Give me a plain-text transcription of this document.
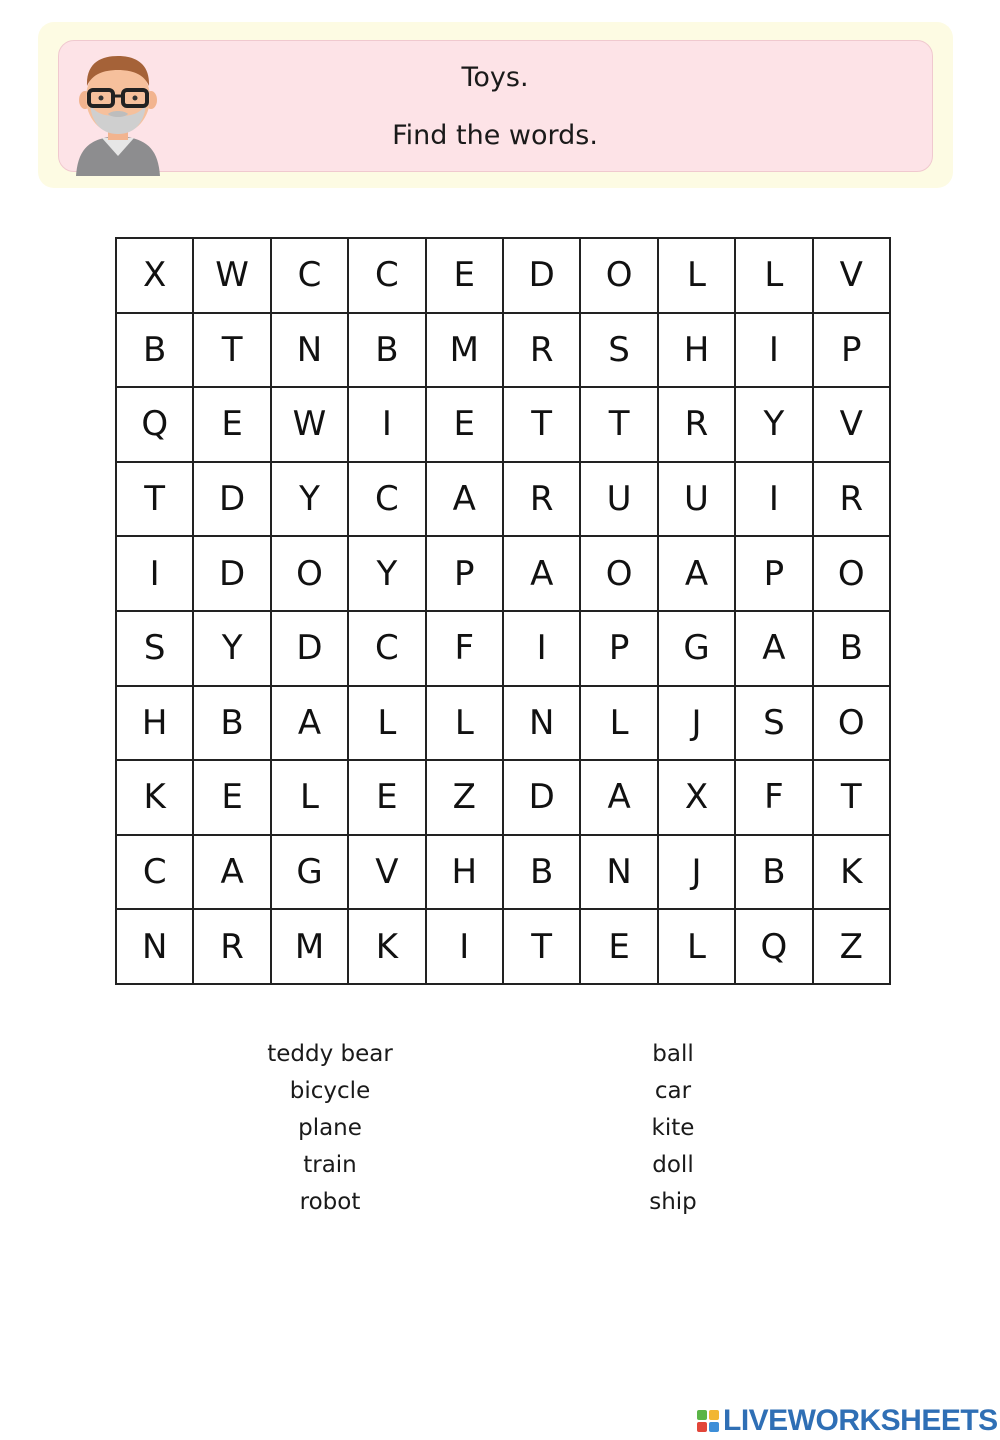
Toys.
Find the words.
X	W	C	C	E	D	O	L	L	V
B	T	N	B	M	R	S	H	I	P
Q	E	W	I	E	T	T	R	Y	V
T	D	Y	C	A	R	U	U	I	R
I	D	O	Y	P	A	O	A	P	O
S	Y	D	C	F	I	P	G	A	B
H	B	A	L	L	N	L	J	S	O
K	E	L	E	Z	D	A	X	F	T
C	A	G	V	H	B	N	J	B	K
N	R	M	K	I	T	E	L	Q	Z
teddy bear
bicycle
plane
train
robot
ball
car
kite
doll
ship
LIVEWORKSHEETS
